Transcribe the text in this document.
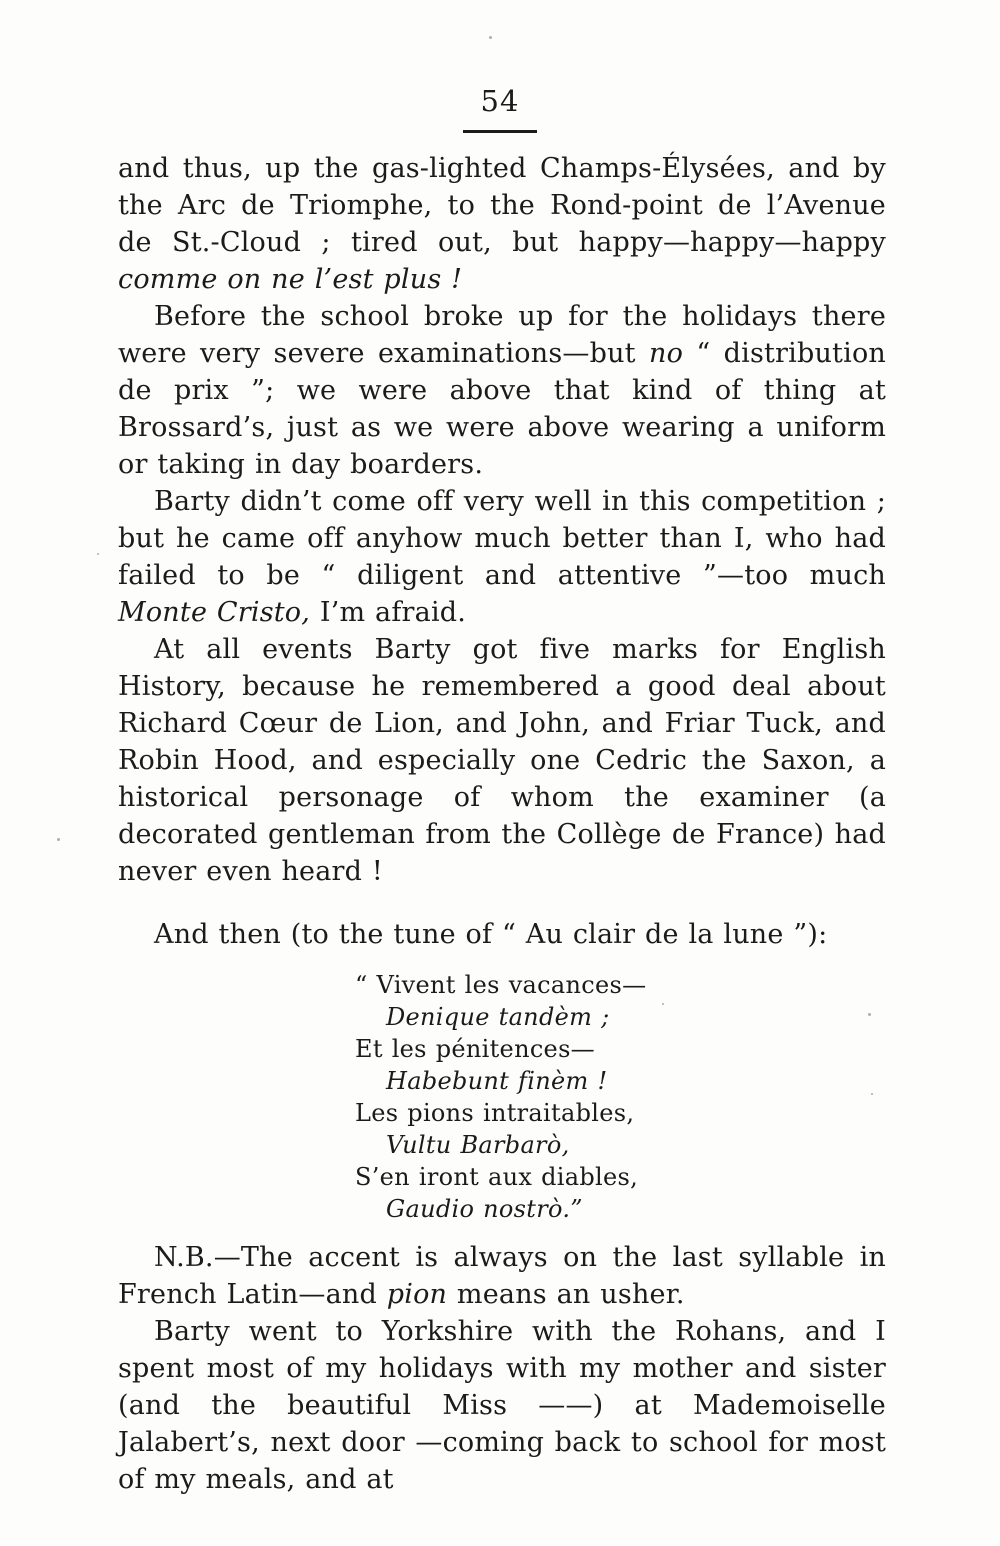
54

and thus, up the gas-lighted Champs-Élysées, and by the Arc de Triomphe, to the Rond-point de l’Avenue de St.-Cloud ; tired out, but happy—happy—happy comme on ne l’est plus !

Before the school broke up for the holidays there were very severe examinations—but no “ distribution de prix ”; we were above that kind of thing at Brossard’s, just as we were above wearing a uniform or taking in day boarders.

Barty didn’t come off very well in this competition ; but he came off anyhow much better than I, who had failed to be “ diligent and attentive ”—too much Monte Cristo, I’m afraid.

At all events Barty got five marks for English History, because he remembered a good deal about Richard Cœur de Lion, and John, and Friar Tuck, and Robin Hood, and especially one Cedric the Saxon, a historical personage of whom the examiner (a decorated gentleman from the Collège de France) had never even heard !

And then (to the tune of “ Au clair de la lune ”):

“ Vivent les vacances—
Denique tandèm ;
Et les pénitences—
Habebunt finèm !
Les pions intraitables,
Vultu Barbarò,
S’en iront aux diables,
Gaudio nostrò.”

N.B.—The accent is always on the last syllable in French Latin—and pion means an usher.

Barty went to Yorkshire with the Rohans, and I spent most of my holidays with my mother and sister (and the beautiful Miss ——) at Mademoiselle Jalabert’s, next door —coming back to school for most of my meals, and at
